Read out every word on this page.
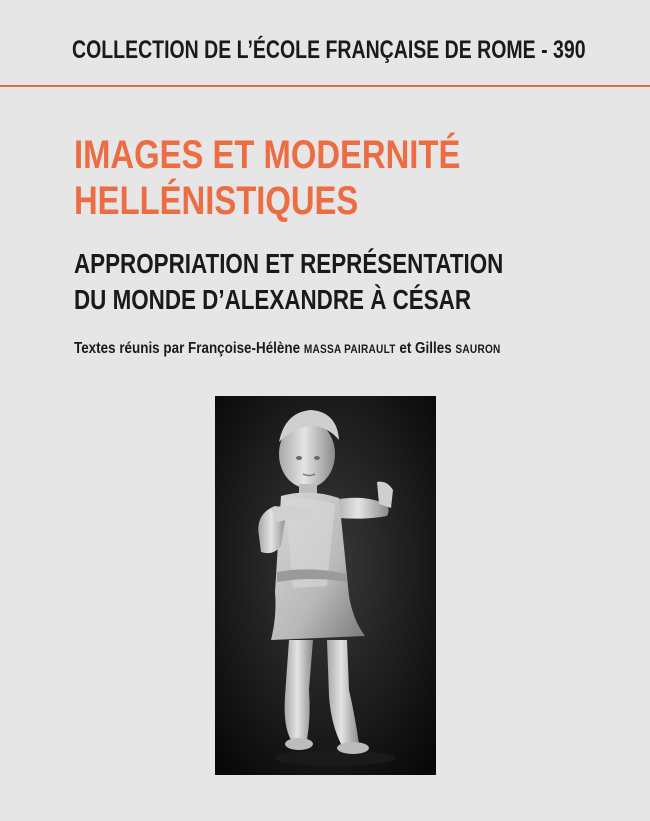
COLLECTION DE L’ÉCOLE FRANÇAISE DE ROME - 390
IMAGES ET MODERNITÉ
HELLÉNISTIQUES
APPROPRIATION ET REPRÉSENTATION
DU MONDE D’ALEXANDRE À CÉSAR
Textes réunis par Françoise-Hélène MASSA PAIRAULT et Gilles SAURON
